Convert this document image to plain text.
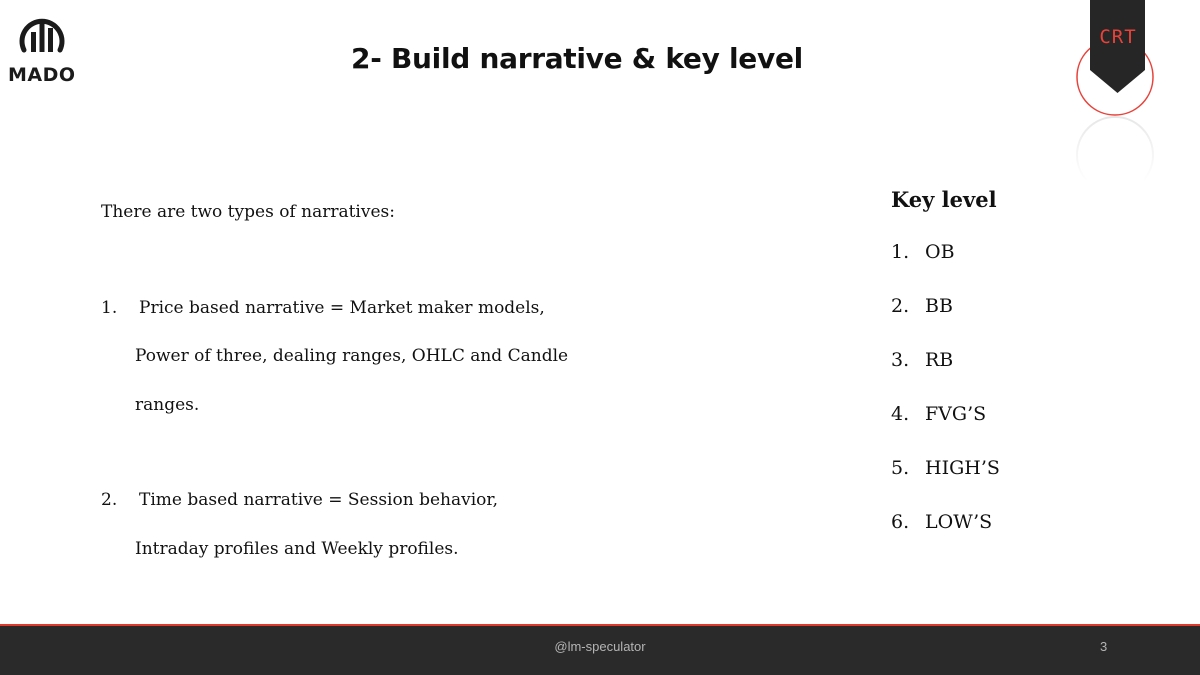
MADO	2- Build narrative & key level
CRT
There are two types of narratives:
1. Price based narrative = Market maker models,
Power of three, dealing ranges, OHLC and Candle
ranges.
2. Time based narrative = Session behavior,
Intraday profiles and Weekly profiles.
Key level
1. OB
2. BB
3. RB
4. FVG’S
5. HIGH’S
6. LOW’S
@lm-speculator	3
